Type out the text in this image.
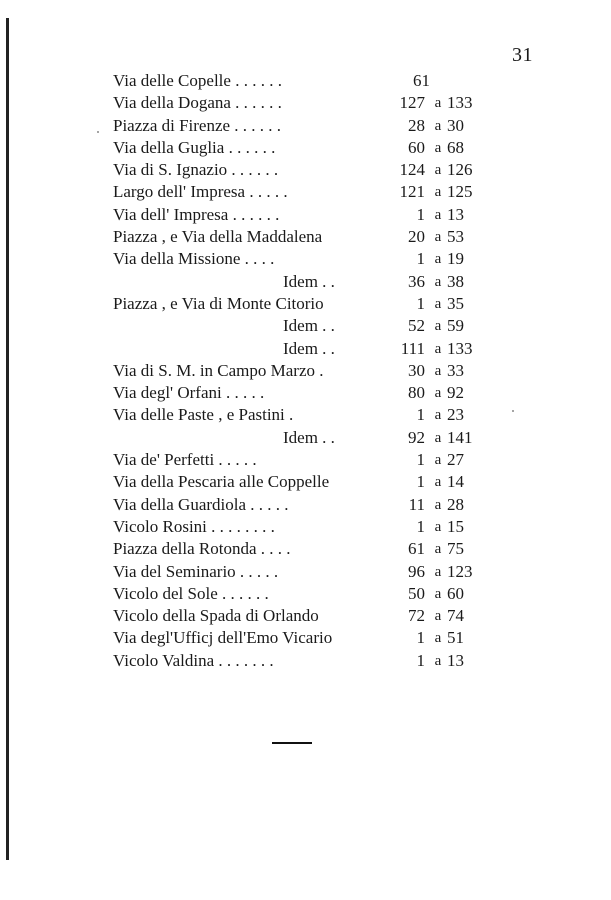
31
Via delle Copelle . . . . . .	61
Via della Dogana . . . . . .	127 a 133
Piazza di Firenze . . . . . .	28 a 30
Via della Guglia . . . . . .	60 a 68
Via di S. Ignazio . . . . . .	124 a 126
Largo dell' Impresa . . . . .	121 a 125
Via dell' Impresa . . . . . .	1 a 13
Piazza , e Via della Maddalena	20 a 53
Via della Missione . . . .	1 a 19
Idem . .	36 a 38
Piazza , e Via di Monte Citorio	1 a 35
Idem . .	52 a 59
Idem . .	111 a 133
Via di S. M. in Campo Marzo .	30 a 33
Via degl' Orfani . . . . .	80 a 92
Via delle Paste , e Pastini .	1 a 23
Idem . .	92 a 141
Via de' Perfetti . . . . .	1 a 27
Via della Pescaria alle Coppelle	1 a 14
Via della Guardiola . . . . .	11 a 28
Vicolo Rosini . . . . . . . .	1 a 15
Piazza della Rotonda . . . .	61 a 75
Via del Seminario . . . . .	96 a 123
Vicolo del Sole . . . . . .	50 a 60
Vicolo della Spada di Orlando	72 a 74
Via degl'Ufficj dell'Emo Vicario	1 a 51
Vicolo Valdina . . . . . . .	1 a 13
